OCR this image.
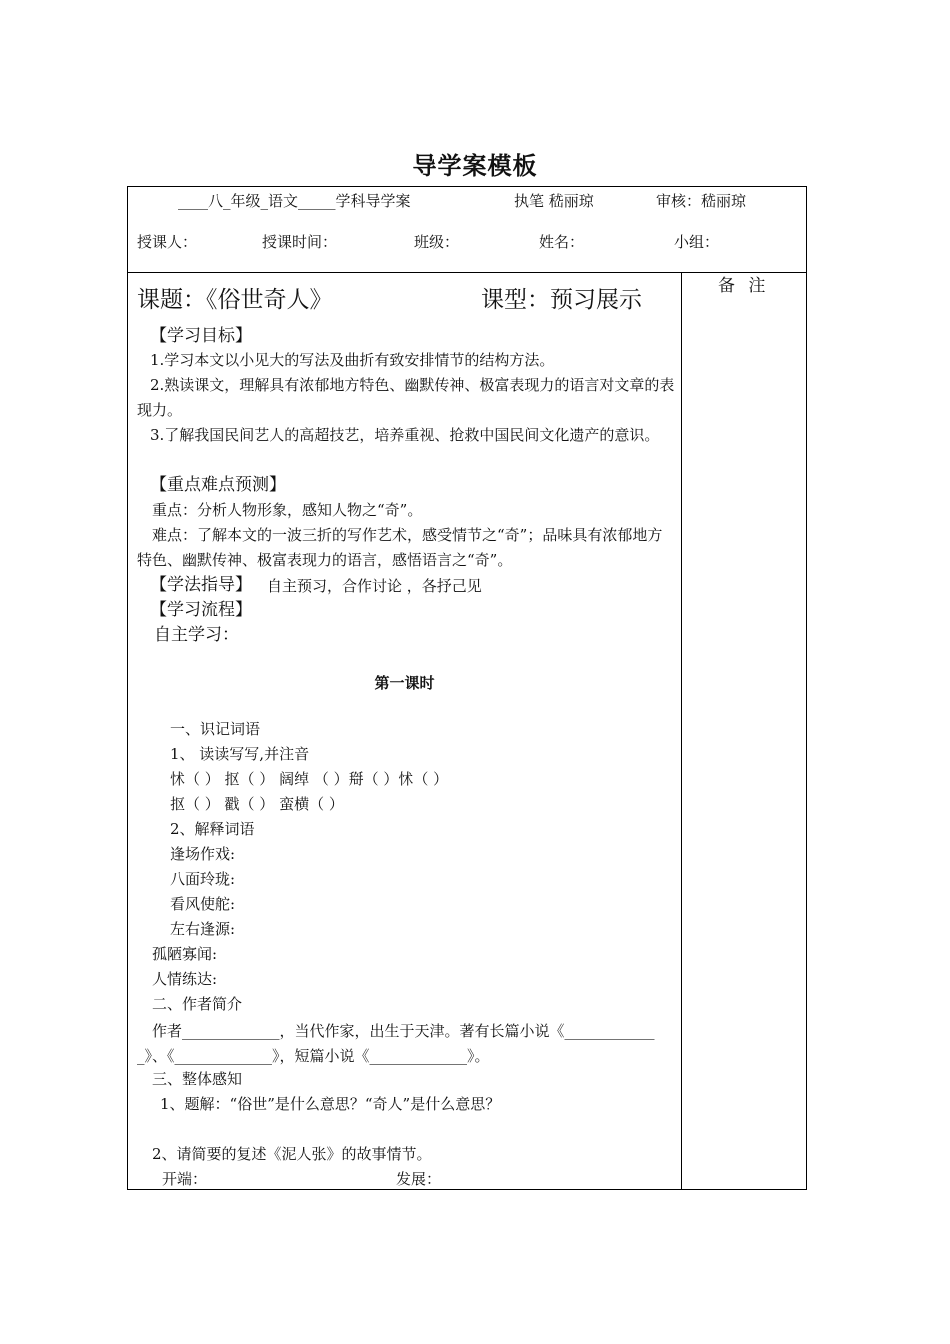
导学案模板
____八_年级_语文_____学科导学案	执笔 嵇丽琼	审核：嵇丽琼
授课人：	授课时间：	班级：	姓名：	小组：
备 注
课题：《俗世奇人》	课型：预习展示
【学习目标】
1.学习本文以小见大的写法及曲折有致安排情节的结构方法。
2.熟读课文，理解具有浓郁地方特色、幽默传神、极富表现力的语言对文章的表现力。
3.了解我国民间艺人的高超技艺，培养重视、抢救中国民间文化遗产的意识。
【重点难点预测】
重点：分析人物形象，感知人物之“奇”。
难点：了解本文的一波三折的写作艺术，感受情节之“奇”；品味具有浓郁地方特色、幽默传神、极富表现力的语言，感悟语言之“奇”。
【学法指导】 自主预习，合作讨论 ，各抒己见
【学习流程】
自主学习：
第一课时
一、识记词语
1、 读读写写,并注音
怵（ ） 抠（ ） 阔绰 （ ）搿（ ）怵（ ）
抠（ ） 戳（ ） 蛮横（ ）
2、解释词语
逢场作戏:
八面玲珑:
看风使舵:
左右逢源:
孤陋寡闻:
人情练达:
二、作者简介
作者_____________，当代作家，出生于天津。著有长篇小说《_____________》、《_____________》，短篇小说《_____________》。
三、整体感知
1、题解：“俗世”是什么意思？“奇人”是什么意思？
2、请简要的复述《泥人张》的故事情节。
开端：	发展：
